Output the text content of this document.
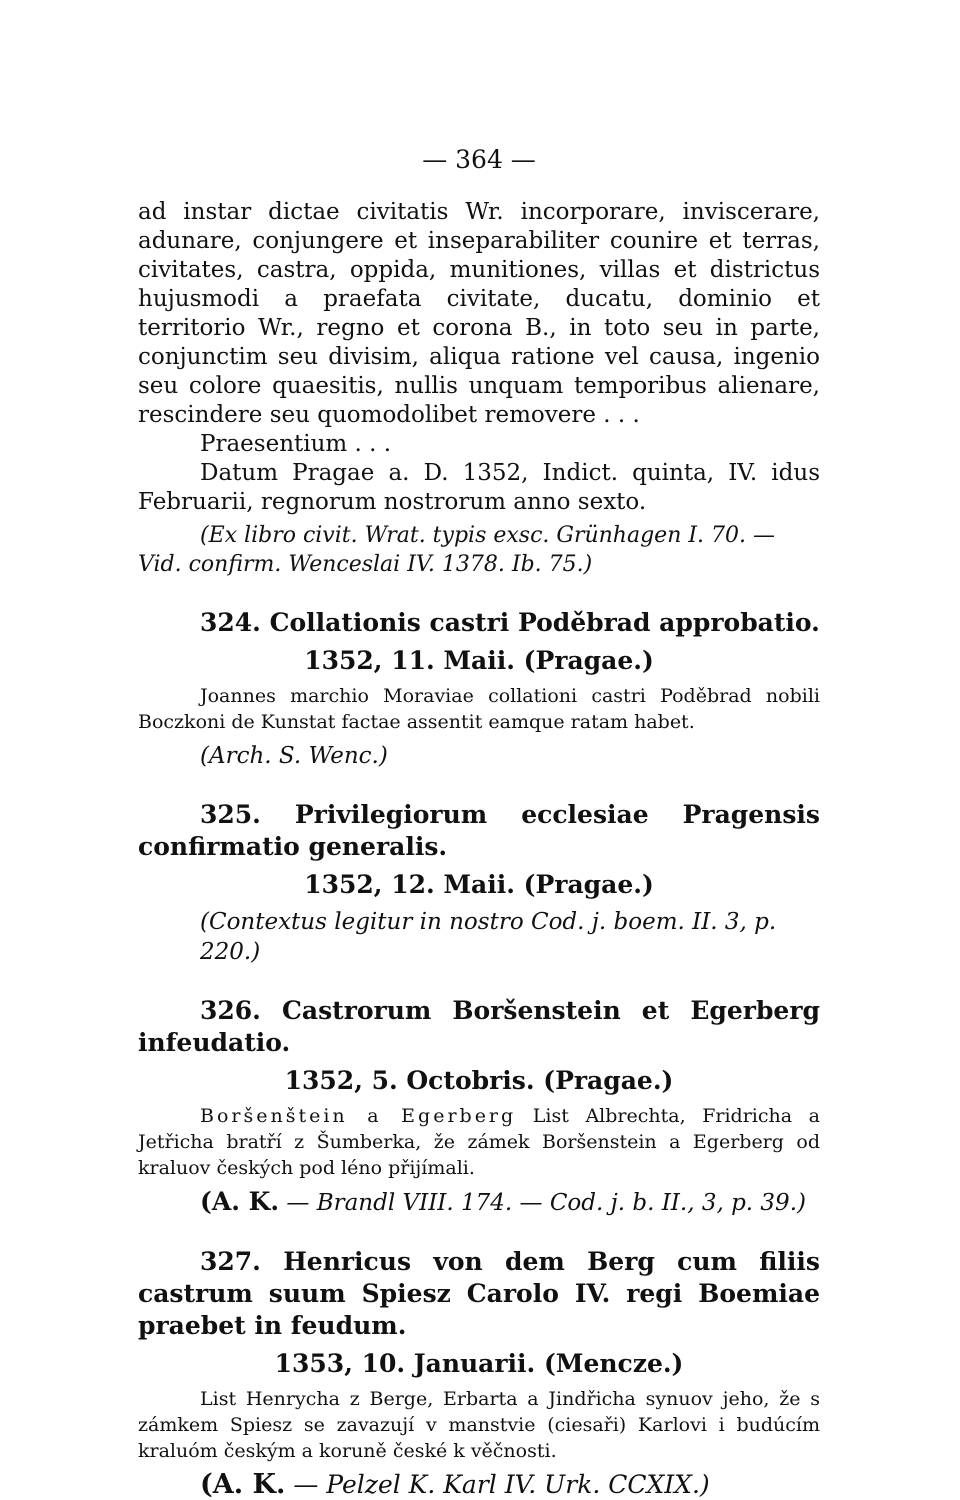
— 364 —

ad instar dictae civitatis Wr. incorporare, inviscerare, adunare, conjungere et inseparabiliter counire et terras, civitates, castra, oppida, munitiones, villas et districtus hujusmodi a praefata civitate, ducatu, dominio et territorio Wr., regno et corona B., in toto seu in parte, conjunctim seu divisim, aliqua ratione vel causa, ingenio seu colore quaesitis, nullis unquam temporibus alienare, rescindere seu quomodolibet removere . . .

Praesentium . . .

Datum Pragae a. D. 1352, Indict. quinta, IV. idus Februarii, regnorum nostrorum anno sexto.

(Ex libro civit. Wrat. typis exsc. Grünhagen I. 70. — Vid. confirm. Wenceslai IV. 1378. Ib. 75.)

324. Collationis castri Poděbrad approbatio.
1352, 11. Maii. (Pragae.)

Joannes marchio Moraviae collationi castri Poděbrad nobili Boczkoni de Kunstat factae assentit eamque ratam habet.

(Arch. S. Wenc.)
325. Privilegiorum ecclesiae Pragensis confirmatio generalis.
1352, 12. Maii. (Pragae.)
(Contextus legitur in nostro Cod. j. boem. II. 3, p. 220.)
326. Castrorum Boršenstein et Egerberg infeudatio.
1352, 5. Octobris. (Pragae.)

Boršenštein a Egerberg List Albrechta, Fridricha a Jetřicha bratří z Šumberka, že zámek Boršenstein a Egerberg od kraluov českých pod léno přijímali.

(A. K. — Brandl VIII. 174. — Cod. j. b. II., 3, p. 39.)
327. Henricus von dem Berg cum filiis castrum suum Spiesz Carolo IV. regi Boemiae praebet in feudum.
1353, 10. Januarii. (Mencze.)

List Henrycha z Berge, Erbarta a Jindřicha synuov jeho, že s zámkem Spiesz se zavazují v manstvie (ciesaři) Karlovi i budúcím kraluóm českým a koruně české k věčnosti.

(A. K. — Pelzel K. Karl IV. Urk. CCXIX.)
